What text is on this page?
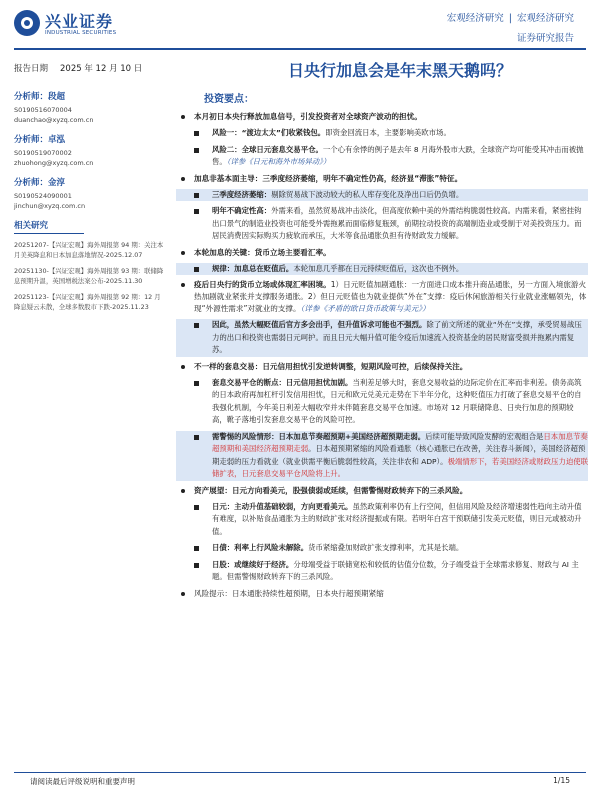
兴业证券
INDUSTRIAL SECURITIES
宏观经济研究 | 宏观经济研究
证券研究报告
报告日期 2025 年 12 月 10 日	日央行加息会是年末黑天鹅吗？
分析师：段超
S0190516070004
duanchao@xyzq.com.cn
分析师：卓泓
S0190519070002
zhuohong@xyzq.com.cn
分析师：金淳
S0190524090001
jinchun@xyzq.com.cn
相关研究
20251207-【兴证宏观】海外周报第 94 期：关注本月美英降息和日本加息落地情况-2025.12.07
20251130-【兴证宏观】海外周报第 93 期：联储降息预期升温，英国增税法案公布-2025.11.30
20251123-【兴证宏观】海外周报第 92 期：12 月降息疑云未散，全球多数股市下跌-2025.11.23
投资要点：
本月初日本央行释放加息信号，引发投资者对全球资产波动的担忧。
风险一：“渡边太太”们收紧钱包。即资金回流日本，主要影响美欧市场。
风险二：全球日元套息交易平仓。一个心有余悸的例子是去年 8 月海外股市大跌，全球资产均可能受其冲击而被抛售。（详参《日元和海外市场异动》）
加息非基本面主导：三季度经济萎缩，明年不确定性仍高，经济显“滞胀”特征。
三季度经济萎缩：剔除贸易战下波动较大的私人库存变化及净出口后仍负增。
明年不确定性高：外需来看，虽然贸易战冲击淡化，但高度依赖中美的外需结构脆弱性较高。内需来看，紧密挂钩出口景气的制造业投资也可能受外需拖累而面临修复瓶颈，前期拉动投资的高端制造业或受制于对美投资压力。而居民消费因实际购买力疲软而承压，大米等食品通胀负担有待财政发力缓解。
本轮加息的关键：货币立场主要看汇率。
规律：加息总在贬值后。本轮加息几乎都在日元持续贬值后，这次也不例外。
疫后日央行的货币立场或体现汇率困境。1）日元贬值加剧通胀：一方面进口成本推升商品通胀，另一方面入境旅游火热加剧就业紧张并支撑服务通胀。2）但日元贬值也为就业提供“外在”支撑：疫后休闲旅游相关行业就业涨幅领先，体现“外源性需求”对就业的支撑。（详参《矛盾的欧日货币政策与美元》）
因此，虽然大幅贬值后官方多会出手，但升值诉求可能也不强烈。除了前文所述的就业“外在”支撑，承受贸易战压力的出口和投资也需弱日元呵护。而且日元大幅升值可能令疫后加速流入投资基金的居民财富受损并拖累内需复苏。
不一样的套息交易：日元信用担忧引发逆转调整，短期风险可控，后续保持关注。
套息交易平仓的断点：日元信用担忧加剧。当利差足够大时，套息交易收益的边际定价在汇率而非利差。债务高筑的日本政府再加杠杆引发信用担忧，日元和欧元兑美元走势在下半年分化，这种贬值压力打破了套息交易平仓的自我强化机制，今年美日利差大幅收窄并未伴随套息交易平仓加速。市场对 12 月联储降息、日央行加息的预期较高，靴子落地引发套息交易平仓的风险可控。
需警惕的风险情形：日本加息节奏超预期+美国经济超预期走弱。后续可能导致风险发酵的宏观组合是日本加息节奏超预期和美国经济超预期走弱。日本超预期紧缩的风险看通胀（核心通胀已在改善，关注春斗新闻），美国经济超预期走弱的压力看就业（就业供需平衡后脆弱性较高，关注非农和 ADP）。极端情形下，若美国经济或财政压力迫使联储扩表，日元套息交易平仓风险将上升。
资产展望：日元方向看美元，股强债弱或延续，但需警惕财政转弃下的三杀风险。
日元：主动升值基础较弱，方向更看美元。虽然政策利率仍有上行空间，但信用风险及经济增速弱性趋向主动升值有难度，以补贴食品通胀为主的财政扩张对经济提振或有限。若明年白宫干预联储引发美元贬值，则日元或被动升值。
日债：利率上行风险未解除。货币紧缩叠加财政扩张支撑利率，尤其是长端。
日股：或继续好于经济。分母端受益于联储宽松和较低的估值分位数，分子端受益于全球需求修复、财政与 AI 主题。但需警惕财政转弃下的三杀风险。
风险提示：日本通胀持续性超预期，日本央行超预期紧缩
请阅读最后评级说明和重要声明	1/15
